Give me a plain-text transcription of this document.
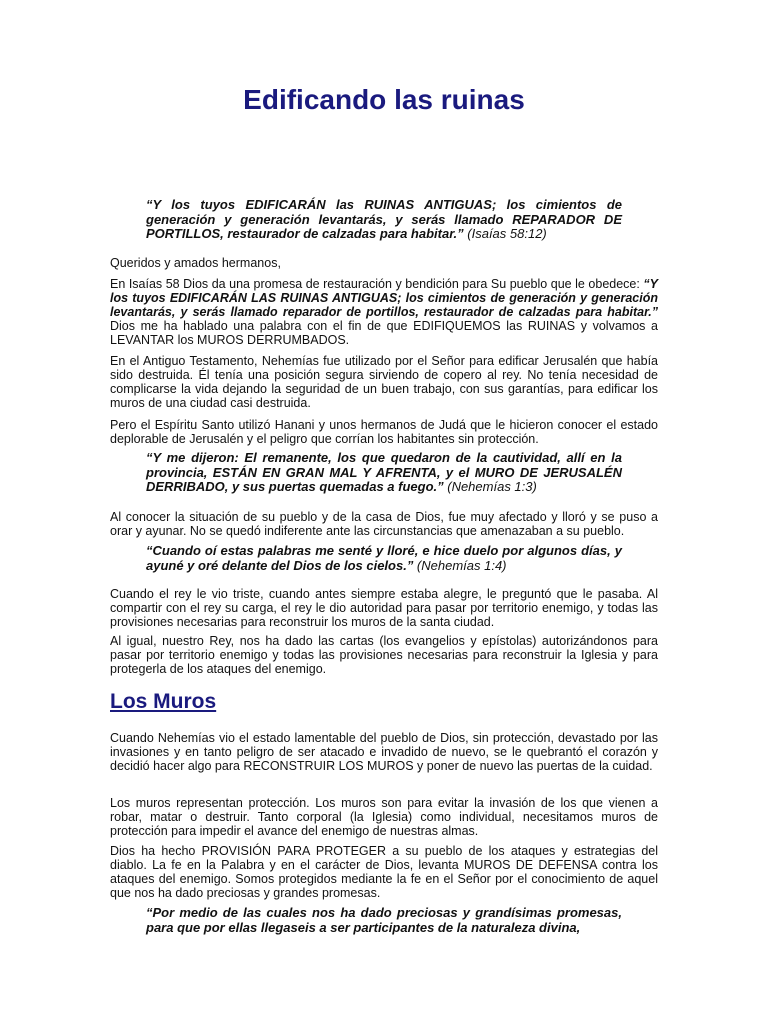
Edificando las ruinas

“Y los tuyos EDIFICARÁN las RUINAS ANTIGUAS; los cimientos de generación y generación levantarás, y serás llamado REPARADOR DE PORTILLOS, restaurador de calzadas para habitar.” (Isaías 58:12)

Queridos y amados hermanos,

En Isaías 58 Dios da una promesa de restauración y bendición para Su pueblo que le obedece: “Y los tuyos EDIFICARÁN LAS RUINAS ANTIGUAS; los cimientos de generación y generación levantarás, y serás llamado reparador de portillos, restaurador de calzadas para habitar.” Dios me ha hablado una palabra con el fin de que EDIFIQUEMOS las RUINAS y volvamos a LEVANTAR los MUROS DERRUMBADOS.

En el Antiguo Testamento, Nehemías fue utilizado por el Señor para edificar Jerusalén que había sido destruida. Él tenía una posición segura sirviendo de copero al rey. No tenía necesidad de complicarse la vida dejando la seguridad de un buen trabajo, con sus garantías, para edificar los muros de una ciudad casi destruida.

Pero el Espíritu Santo utilizó Hanani y unos hermanos de Judá que le hicieron conocer el estado deplorable de Jerusalén y el peligro que corrían los habitantes sin protección.

“Y me dijeron: El remanente, los que quedaron de la cautividad, allí en la provincia, ESTÁN EN GRAN MAL Y AFRENTA, y el MURO DE JERUSALÉN DERRIBADO, y sus puertas quemadas a fuego.” (Nehemías 1:3)

Al conocer la situación de su pueblo y de la casa de Dios, fue muy afectado y lloró y se puso a orar y ayunar. No se quedó indiferente ante las circunstancias que amenazaban a su pueblo.

“Cuando oí estas palabras me senté y lloré, e hice duelo por algunos días, y ayuné y oré delante del Dios de los cielos.” (Nehemías 1:4)

Cuando el rey le vio triste, cuando antes siempre estaba alegre, le preguntó que le pasaba. Al compartir con el rey su carga, el rey le dio autoridad para pasar por territorio enemigo, y todas las provisiones necesarias para reconstruir los muros de la santa ciudad.

Al igual, nuestro Rey, nos ha dado las cartas (los evangelios y epístolas) autorizándonos para pasar por territorio enemigo y todas las provisiones necesarias para reconstruir la Iglesia y para protegerla de los ataques del enemigo.

Los Muros

Cuando Nehemías vio el estado lamentable del pueblo de Dios, sin protección, devastado por las invasiones y en tanto peligro de ser atacado e invadido de nuevo, se le quebrantó el corazón y decidió hacer algo para RECONSTRUIR LOS MUROS y poner de nuevo las puertas de la cuidad.

Los muros representan protección. Los muros son para evitar la invasión de los que vienen a robar, matar o destruir. Tanto corporal (la Iglesia) como individual, necesitamos muros de protección para impedir el avance del enemigo de nuestras almas.

Dios ha hecho PROVISIÓN PARA PROTEGER a su pueblo de los ataques y estrategias del diablo. La fe en la Palabra y en el carácter de Dios, levanta MUROS DE DEFENSA contra los ataques del enemigo. Somos protegidos mediante la fe en el Señor por el conocimiento de aquel que nos ha dado preciosas y grandes promesas.

“Por medio de las cuales nos ha dado preciosas y grandísimas promesas, para que por ellas llegaseis a ser participantes de la naturaleza divina,
